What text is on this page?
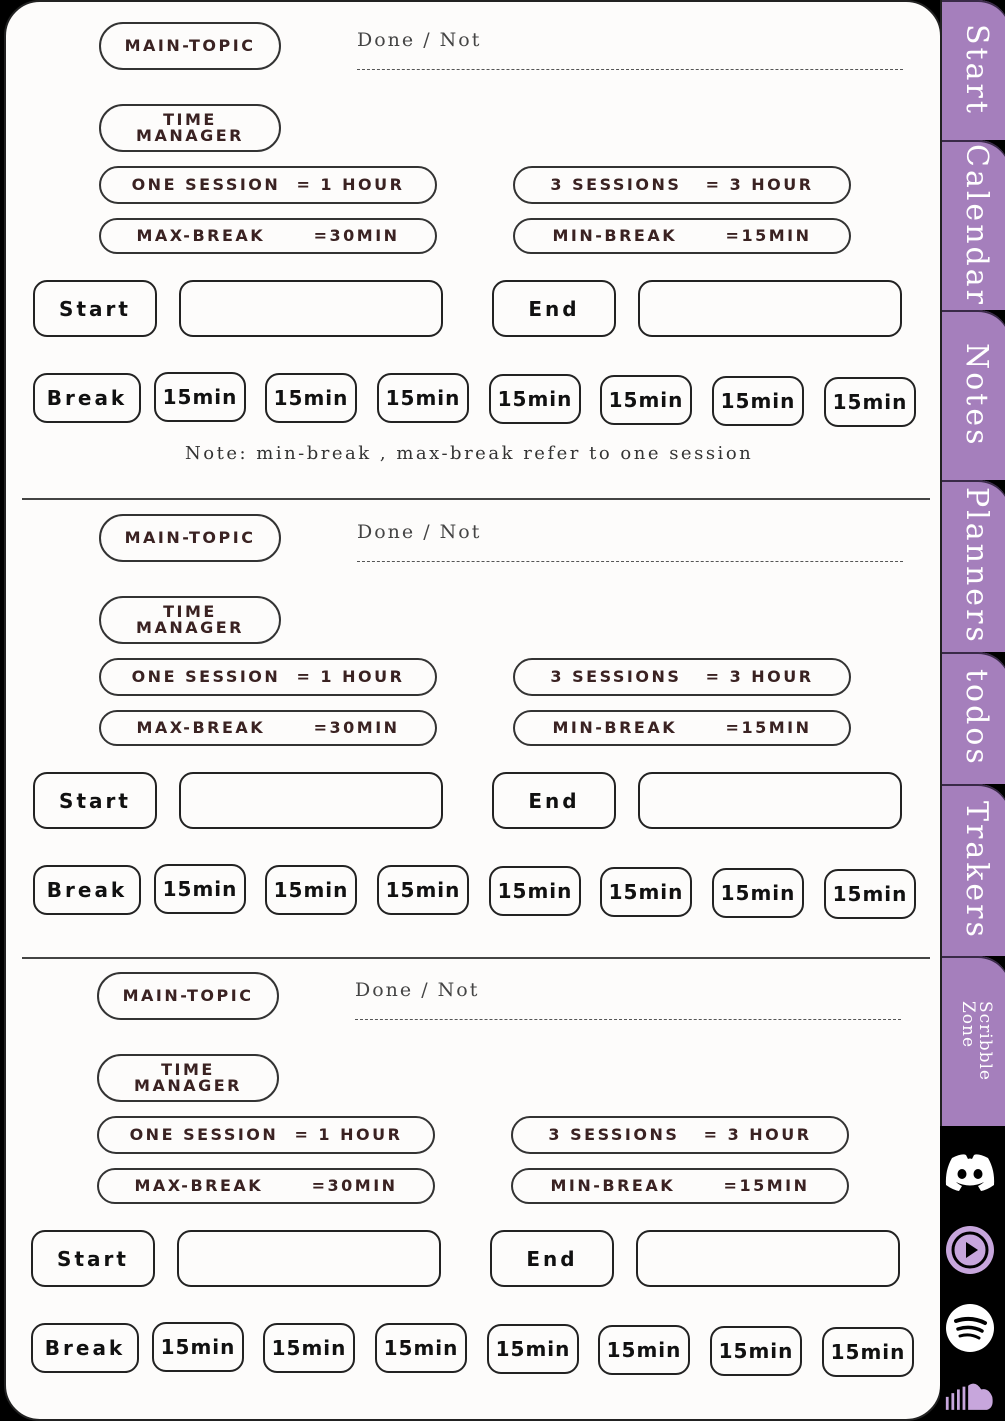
MAIN-TOPIC	Done / Not
TIME
MANAGER
ONE SESSION  = 1 HOUR	3 SESSIONS   = 3 HOUR
MAX-BREAK      =30MIN	MIN-BREAK      =15MIN
Start	End
Break	15min	15min	15min	15min	15min	15min	15min
Note: min-break , max-break refer to one session
MAIN-TOPIC	Done / Not
TIME
MANAGER
ONE SESSION  = 1 HOUR	3 SESSIONS   = 3 HOUR
MAX-BREAK      =30MIN	MIN-BREAK      =15MIN
Start	End
Break	15min	15min	15min	15min	15min	15min	15min
MAIN-TOPIC	Done / Not
TIME
MANAGER
ONE SESSION  = 1 HOUR	3 SESSIONS   = 3 HOUR
MAX-BREAK      =30MIN	MIN-BREAK      =15MIN
Start	End
Break	15min	15min	15min	15min	15min	15min	15min
Start
Calendar
Notes
Planners
todos
Trakers
Scribble
Zone
